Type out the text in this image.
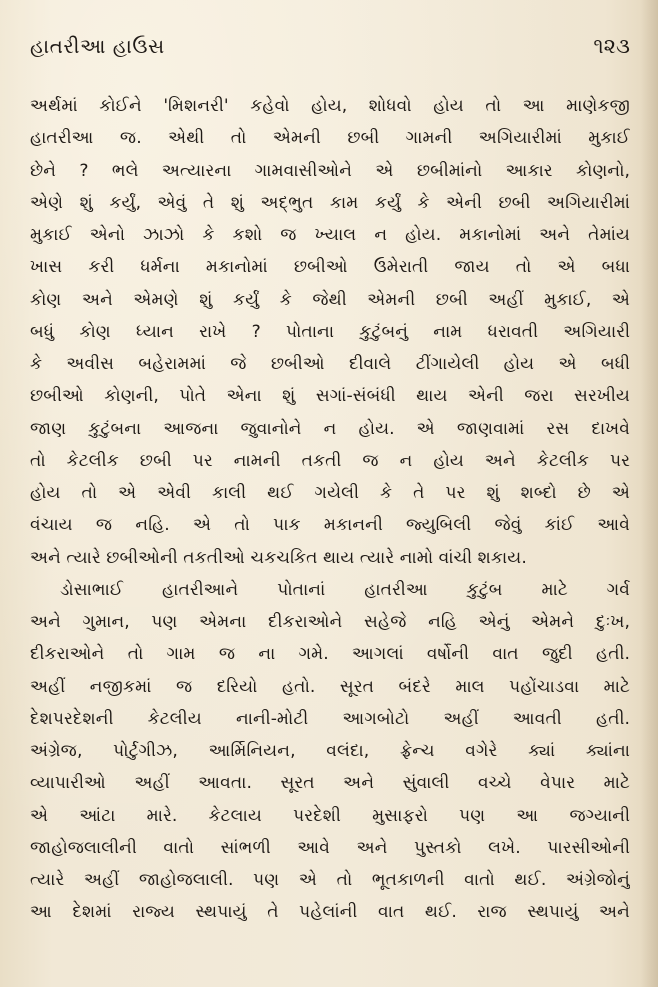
હાતરીઆ હાઉસ	૧૨૩
અર્થમાં કોઈને 'મિશનરી' કહેવો હોય, શોધવો હોય તો આ માણેકજી
હાતરીઆ જ. એથી તો એમની છબી ગામની અગિયારીમાં મુકાઈ
છેને ? ભલે અત્યારના ગામવાસીઓને એ છબીમાંનો આકાર કોણનો,
એણે શું કર્યું, એવું તે શું અદ્‌ભુત કામ કર્યું કે એની છબી અગિયારીમાં
મુકાઈ એનો ઝાઝો કે કશો જ ખ્યાલ ન હોય. મકાનોમાં અને તેમાંય
ખાસ કરી ધર્મના મકાનોમાં છબીઓ ઉમેરાતી જાય તો એ બધા
કોણ અને એમણે શું કર્યું કે જેથી એમની છબી અહીં મુકાઈ, એ
બધું કોણ ધ્યાન રાખે ? પોતાના કુટુંબનું નામ ધરાવતી અગિયારી
કે અવીસ બહેરામમાં જે છબીઓ દીવાલે ટીંગાયેલી હોય એ બધી
છબીઓ કોણની, પોતે એના શું સગાં-સંબંધી થાય એની જરા સરખીય
જાણ કુટુંબના આજના જુવાનોને ન હોય. એ જાણવામાં રસ દાખવે
તો કેટલીક છબી પર નામની તકતી જ ન હોય અને કેટલીક પર
હોય તો એ એવી કાલી થઈ ગયેલી કે તે પર શું શબ્દો છે એ
વંચાય જ નહિ. એ તો પાક મકાનની જ્યુબિલી જેવું કાંઈ આવે
અને ત્યારે છબીઓની તકતીઓ ચકચકિત થાય ત્યારે નામો વાંચી શકાય.
ડોસાભાઈ હાતરીઆને પોતાનાં હાતરીઆ કુટુંબ માટે ગર્વ
અને ગુમાન, પણ એમના દીકરાઓને સહેજે નહિ એનું એમને દુઃખ,
દીકરાઓને તો ગામ જ ના ગમે. આગલાં વર્ષોની વાત જુદી હતી.
અહીં નજીકમાં જ દરિયો હતો. સૂરત બંદરે માલ પહોંચાડવા માટે
દેશપરદેશની કેટલીય નાની-મોટી આગબોટો અહીં આવતી હતી.
અંગ્રેજ, પોર્ટુગીઝ, આર્મિનિયન, વલંદા, ફ્રેન્ચ વગેરે ક્યાં ક્યાંના
વ્યાપારીઓ અહીં આવતા. સૂરત અને સુંવાલી વચ્ચે વેપાર માટે
એ આંટા મારે. કેટલાય પરદેશી મુસાફરો પણ આ જગ્યાની
જાહોજલાલીની વાતો સાંભળી આવે અને પુસ્તકો લખે. પારસીઓની
ત્યારે અહીં જાહોજલાલી. પણ એ તો ભૂતકાળની વાતો થઈ. અંગ્રેજોનું
આ દેશમાં રાજ્ય સ્થપાયું તે પહેલાંની વાત થઈ. રાજ સ્થપાયું અને
